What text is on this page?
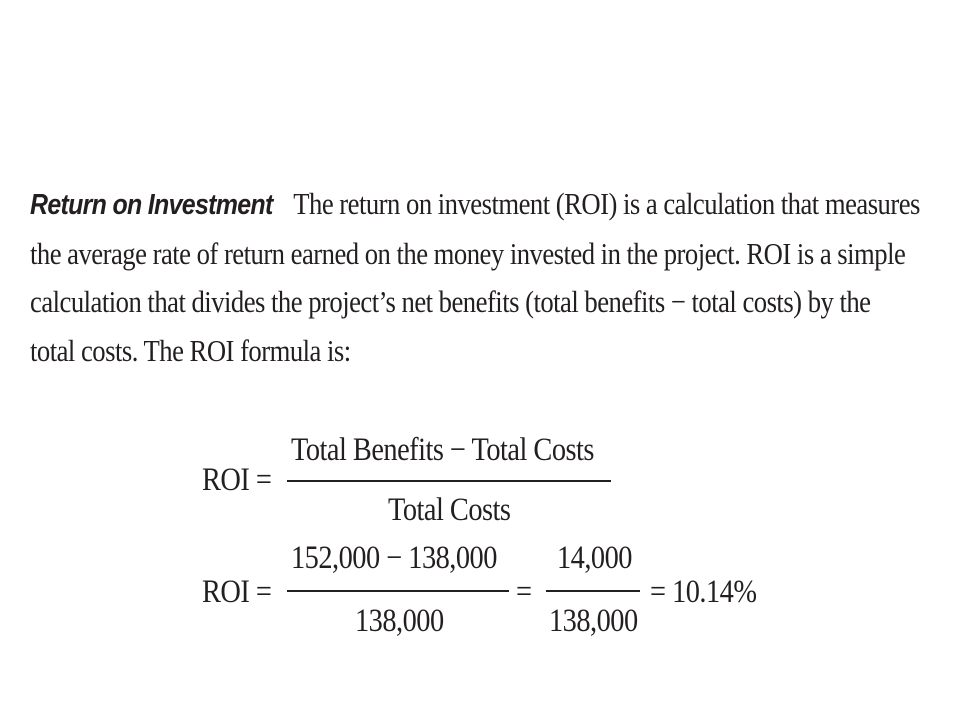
Return on Investment The return on investment (ROI) is a calculation that measures
the average rate of return earned on the money invested in the project. ROI is a simple
calculation that divides the project’s net benefits (total benefits − total costs) by the
total costs. The ROI formula is:
ROI =
Total Benefits − Total Costs
Total Costs
ROI =
152,000 − 138,000
138,000
=
14,000
138,000
= 10.14%
